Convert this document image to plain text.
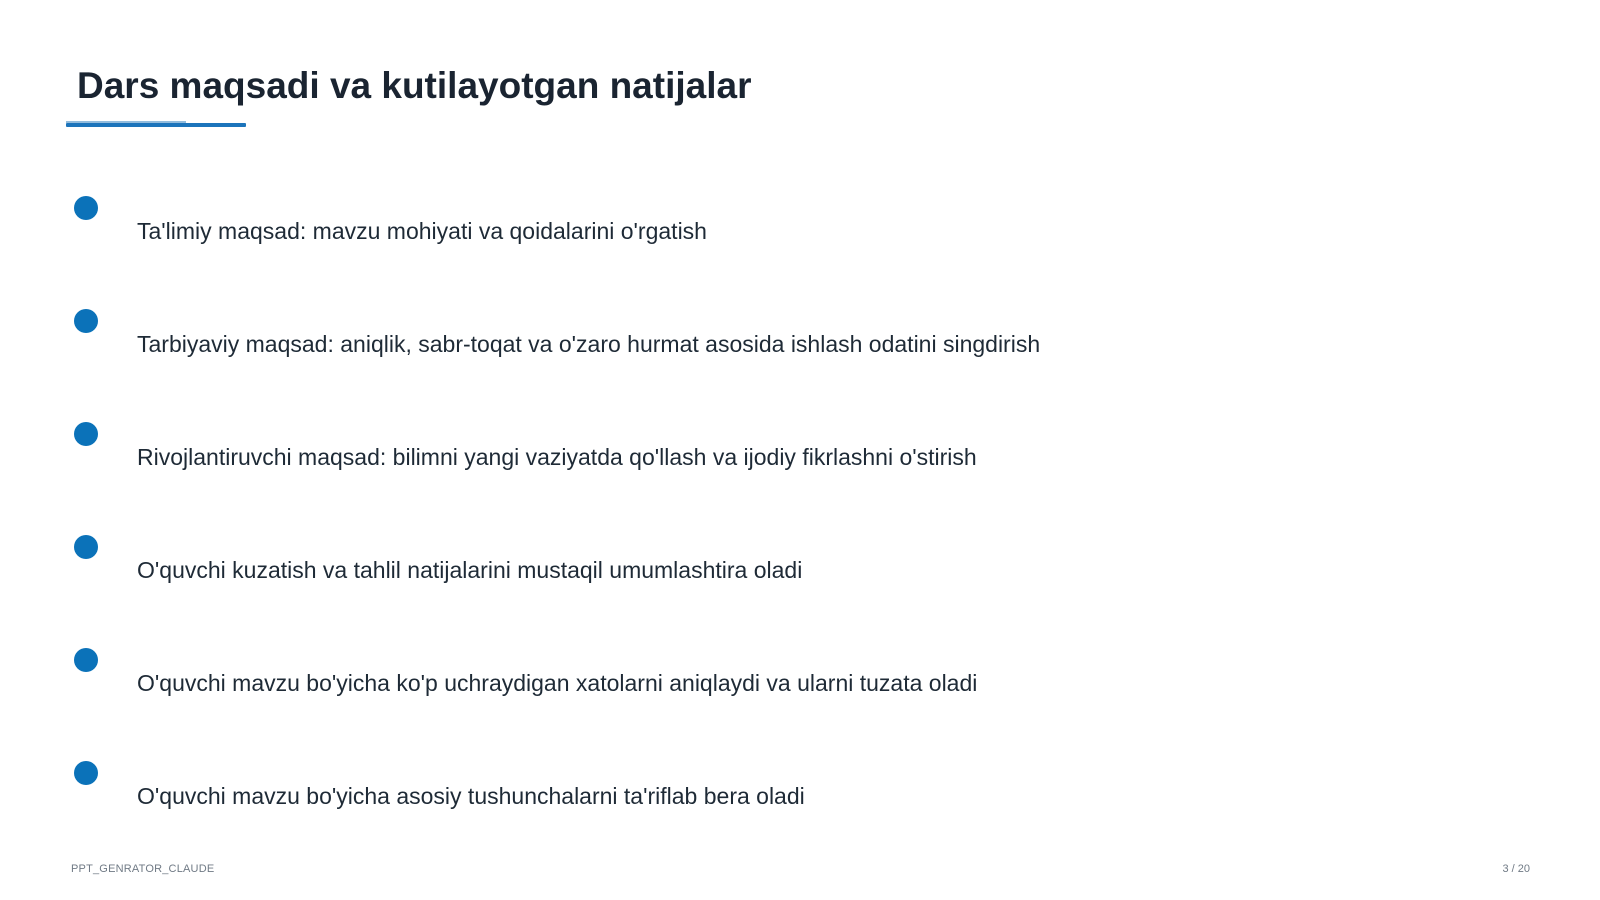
Dars maqsadi va kutilayotgan natijalar
Ta'limiy maqsad: mavzu mohiyati va qoidalarini o'rgatish
Tarbiyaviy maqsad: aniqlik, sabr-toqat va o'zaro hurmat asosida ishlash odatini singdirish
Rivojlantiruvchi maqsad: bilimni yangi vaziyatda qo'llash va ijodiy fikrlashni o'stirish
O'quvchi kuzatish va tahlil natijalarini mustaqil umumlashtira oladi
O'quvchi mavzu bo'yicha ko'p uchraydigan xatolarni aniqlaydi va ularni tuzata oladi
O'quvchi mavzu bo'yicha asosiy tushunchalarni ta'riflab bera oladi
PPT_GENRATOR_CLAUDE	3 / 20
